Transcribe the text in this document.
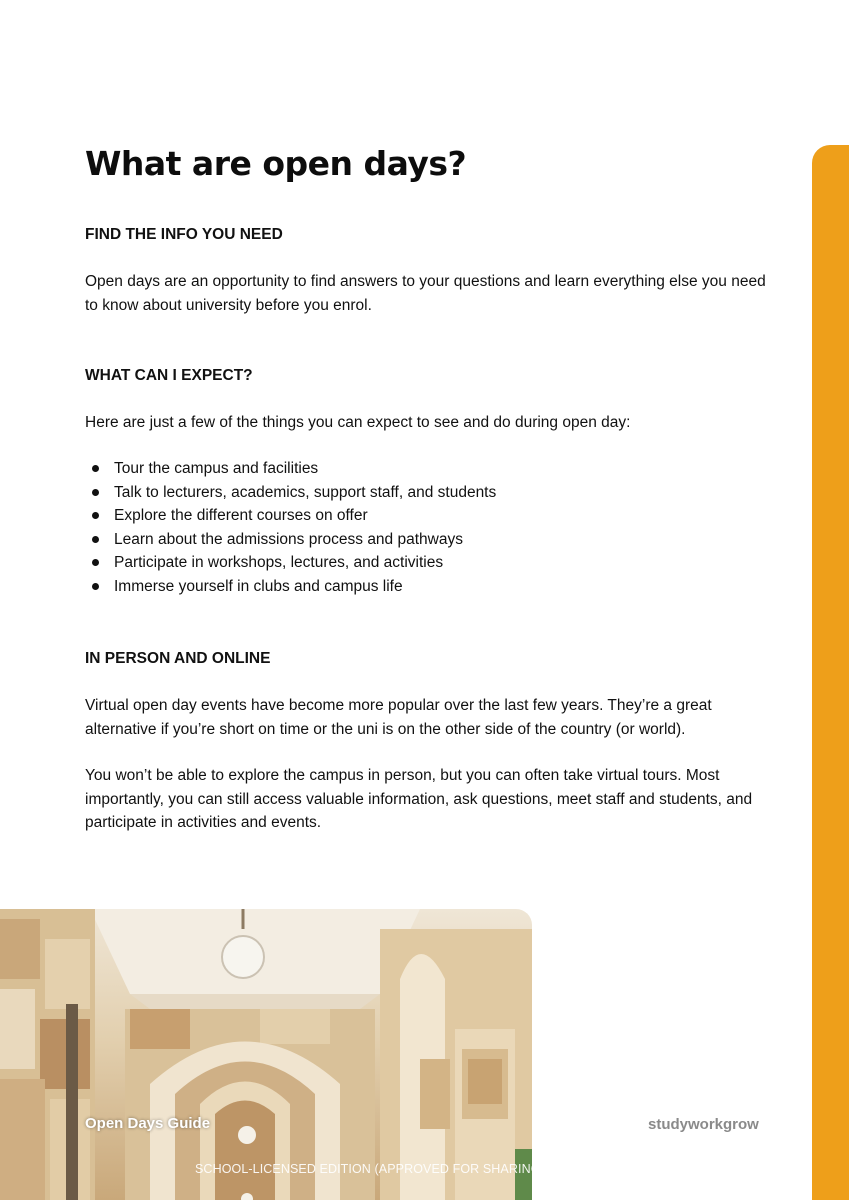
What are open days?
FIND THE INFO YOU NEED

Open days are an opportunity to find answers to your questions and learn everything else you need to know about university before you enrol.

WHAT CAN I EXPECT?

Here are just a few of the things you can expect to see and do during open day:

Tour the campus and facilities
Talk to lecturers, academics, support staff, and students
Explore the different courses on offer
Learn about the admissions process and pathways
Participate in workshops, lectures, and activities
Immerse yourself in clubs and campus life
IN PERSON AND ONLINE

Virtual open day events have become more popular over the last few years. They’re a great alternative if you’re short on time or the uni is on the other side of the country (or world).

You won’t be able to explore the campus in person, but you can often take virtual tours. Most importantly, you can still access valuable information, ask questions, meet staff and students, and participate in activities and events.

Open Days Guide	studyworkgrow
SCHOOL-LICENSED EDITION (APPROVED FOR SHARING WITHIN A SCHOOL)
